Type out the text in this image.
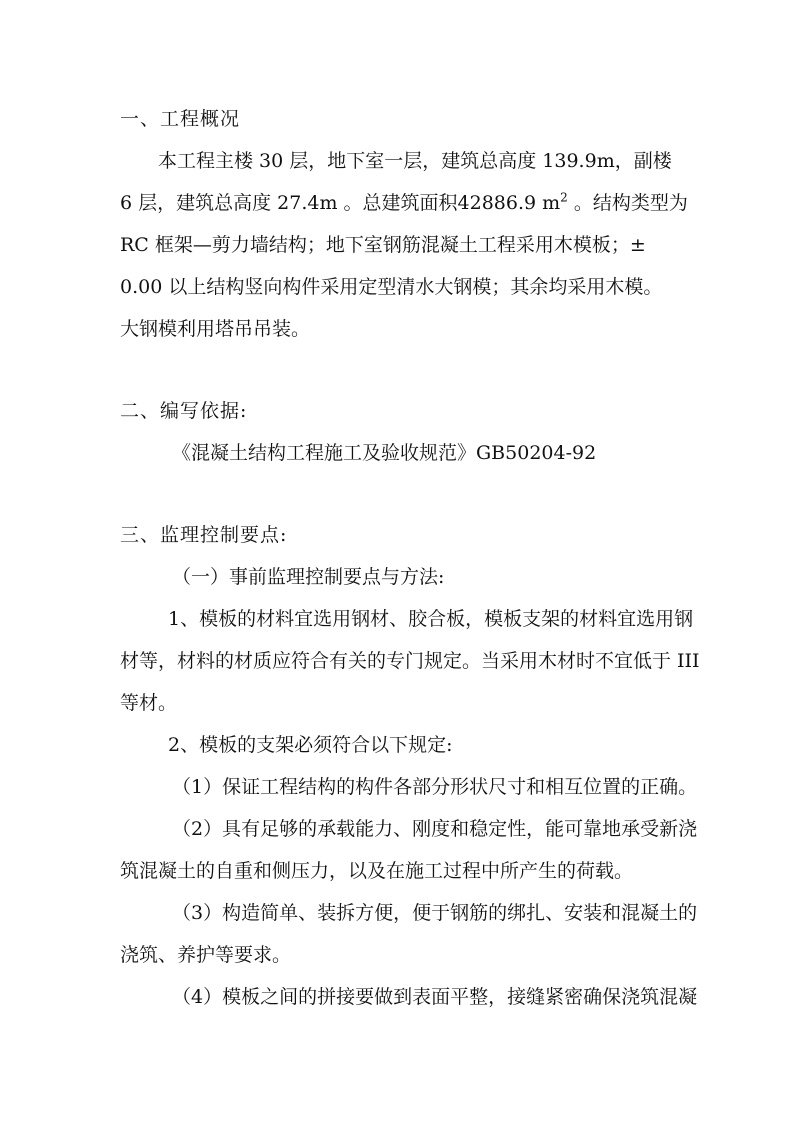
一、工程概况
本工程主楼 30 层，地下室一层，建筑总高度 139.9m，副楼
6 层，建筑总高度 27.4m 。总建筑面积42886.9 $m^2$ 。结构类型为
RC 框架—剪力墙结构；地下室钢筋混凝土工程采用木模板；±
0.00 以上结构竖向构件采用定型清水大钢模；其余均采用木模。
大钢模利用塔吊吊装。
二、编写依据:
《混凝土结构工程施工及验收规范》GB50204-92
三、监理控制要点:
（一）事前监理控制要点与方法:
1、模板的材料宜选用钢材、胶合板，模板支架的材料宜选用钢
材等，材料的材质应符合有关的专门规定。当采用木材时不宜低于 III
等材。
2、模板的支架必须符合以下规定:
（1）保证工程结构的构件各部分形状尺寸和相互位置的正确。
（2）具有足够的承载能力、刚度和稳定性，能可靠地承受新浇
筑混凝土的自重和侧压力，以及在施工过程中所产生的荷载。
（3）构造简单、装拆方便，便于钢筋的绑扎、安装和混凝土的
浇筑、养护等要求。
（4）模板之间的拼接要做到表面平整，接缝紧密确保浇筑混凝
